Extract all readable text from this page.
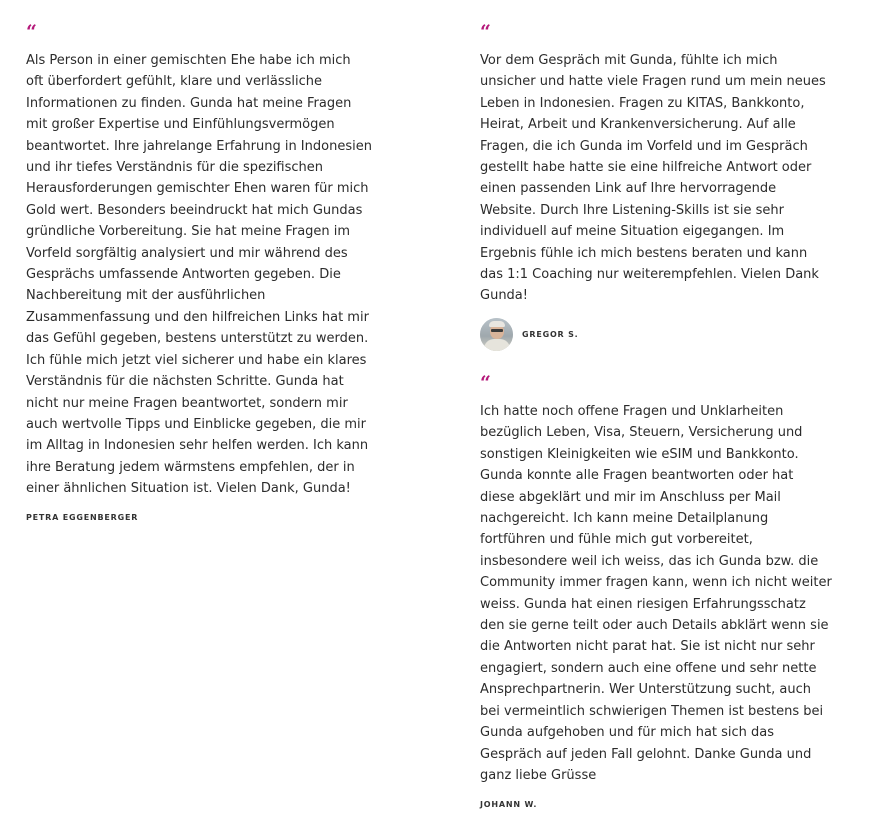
“

Als Person in einer gemischten Ehe habe ich mich oft überfordert gefühlt, klare und verlässliche Informationen zu finden. Gunda hat meine Fragen mit großer Expertise und Einfühlungsvermögen beantwortet. Ihre jahrelange Erfahrung in Indonesien und ihr tiefes Verständnis für die spezifischen Herausforderungen gemischter Ehen waren für mich Gold wert. Besonders beeindruckt hat mich Gundas gründliche Vorbereitung. Sie hat meine Fragen im Vorfeld sorgfältig analysiert und mir während des Gesprächs umfassende Antworten gegeben. Die Nachbereitung mit der ausführlichen Zusammenfassung und den hilfreichen Links hat mir das Gefühl gegeben, bestens unterstützt zu werden. Ich fühle mich jetzt viel sicherer und habe ein klares Verständnis für die nächsten Schritte. Gunda hat nicht nur meine Fragen beantwortet, sondern mir auch wertvolle Tipps und Einblicke gegeben, die mir im Alltag in Indonesien sehr helfen werden. Ich kann ihre Beratung jedem wärmstens empfehlen, der in einer ähnlichen Situation ist. Vielen Dank, Gunda!

PETRA EGGENBERGER
“

Vor dem Gespräch mit Gunda, fühlte ich mich unsicher und hatte viele Fragen rund um mein neues Leben in Indonesien. Fragen zu KITAS, Bankkonto, Heirat, Arbeit und Krankenversicherung. Auf alle Fragen, die ich Gunda im Vorfeld und im Gespräch gestellt habe hatte sie eine hilfreiche Antwort oder einen passenden Link auf Ihre hervorragende Website. Durch Ihre Listening-Skills ist sie sehr individuell auf meine Situation eigegangen. Im Ergebnis fühle ich mich bestens beraten und kann das 1:1 Coaching nur weiterempfehlen. Vielen Dank Gunda!

GREGOR S.
“

Ich hatte noch offene Fragen und Unklarheiten bezüglich Leben, Visa, Steuern, Versicherung und sonstigen Kleinigkeiten wie eSIM und Bankkonto. Gunda konnte alle Fragen beantworten oder hat diese abgeklärt und mir im Anschluss per Mail nachgereicht. Ich kann meine Detailplanung fortführen und fühle mich gut vorbereitet, insbesondere weil ich weiss, das ich Gunda bzw. die Community immer fragen kann, wenn ich nicht weiter weiss. Gunda hat einen riesigen Erfahrungsschatz den sie gerne teilt oder auch Details abklärt wenn sie die Antworten nicht parat hat. Sie ist nicht nur sehr engagiert, sondern auch eine offene und sehr nette Ansprechpartnerin. Wer Unterstützung sucht, auch bei vermeintlich schwierigen Themen ist bestens bei Gunda aufgehoben und für mich hat sich das Gespräch auf jeden Fall gelohnt. Danke Gunda und ganz liebe Grüsse

JOHANN W.
